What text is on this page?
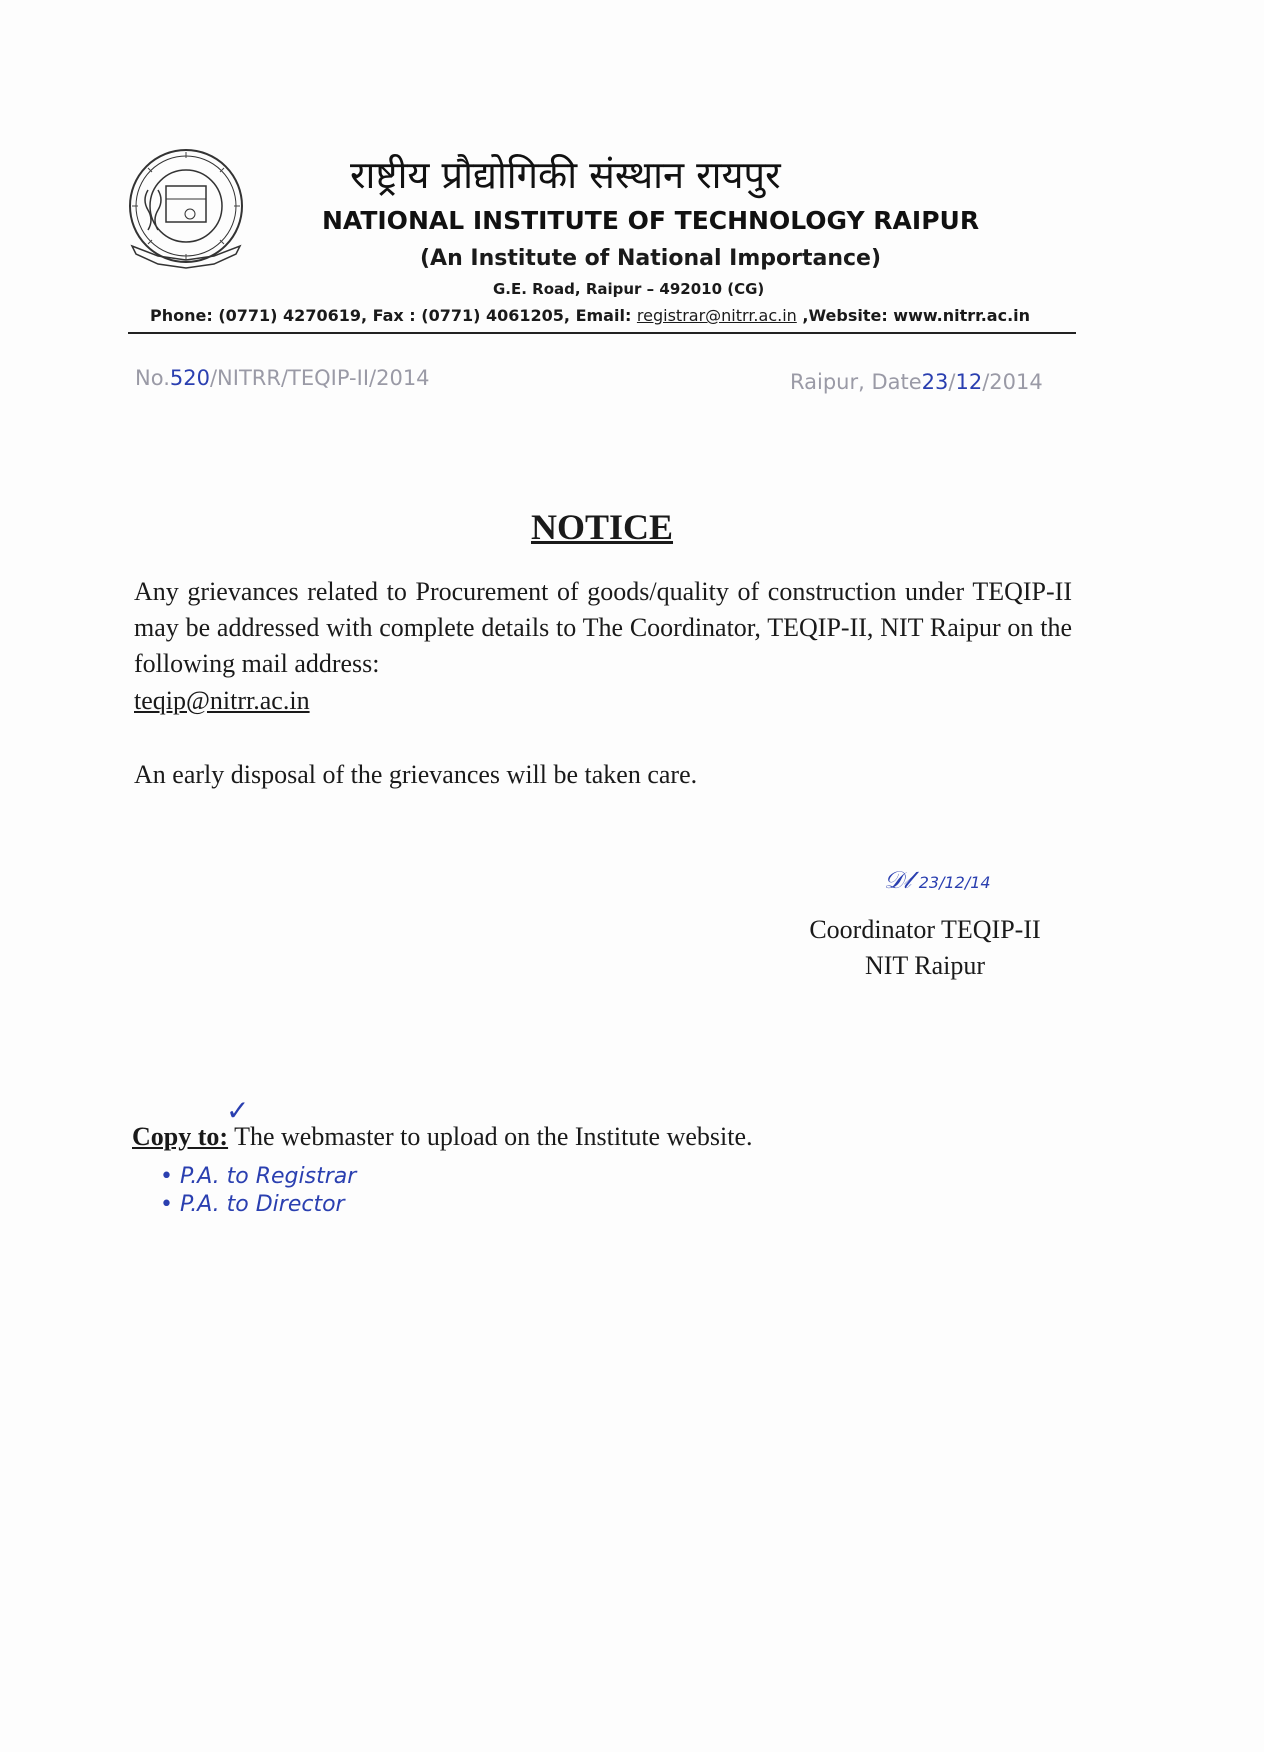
राष्ट्रीय प्रौद्योगिकी संस्थान रायपुर
NATIONAL INSTITUTE OF TECHNOLOGY RAIPUR
(An Institute of National Importance)
G.E. Road, Raipur – 492010 (CG)
Phone: (0771) 4270619, Fax : (0771) 4061205, Email: registrar@nitrr.ac.in ,Website: www.nitrr.ac.in
No.520/NITRR/TEQIP-II/2014	Raipur, Date23/12/2014
NOTICE
Any grievances related to Procurement of goods/quality of construction under TEQIP-II may be addressed with complete details to The Coordinator, TEQIP-II, NIT Raipur on the following mail address:
teqip@nitrr.ac.in
An early disposal of the grievances will be taken care.
𝒟𝓁 23/12/14
Coordinator TEQIP-II
NIT Raipur
✓
Copy to: The webmaster to upload on the Institute website.
• P.A. to Registrar
• P.A. to Director
